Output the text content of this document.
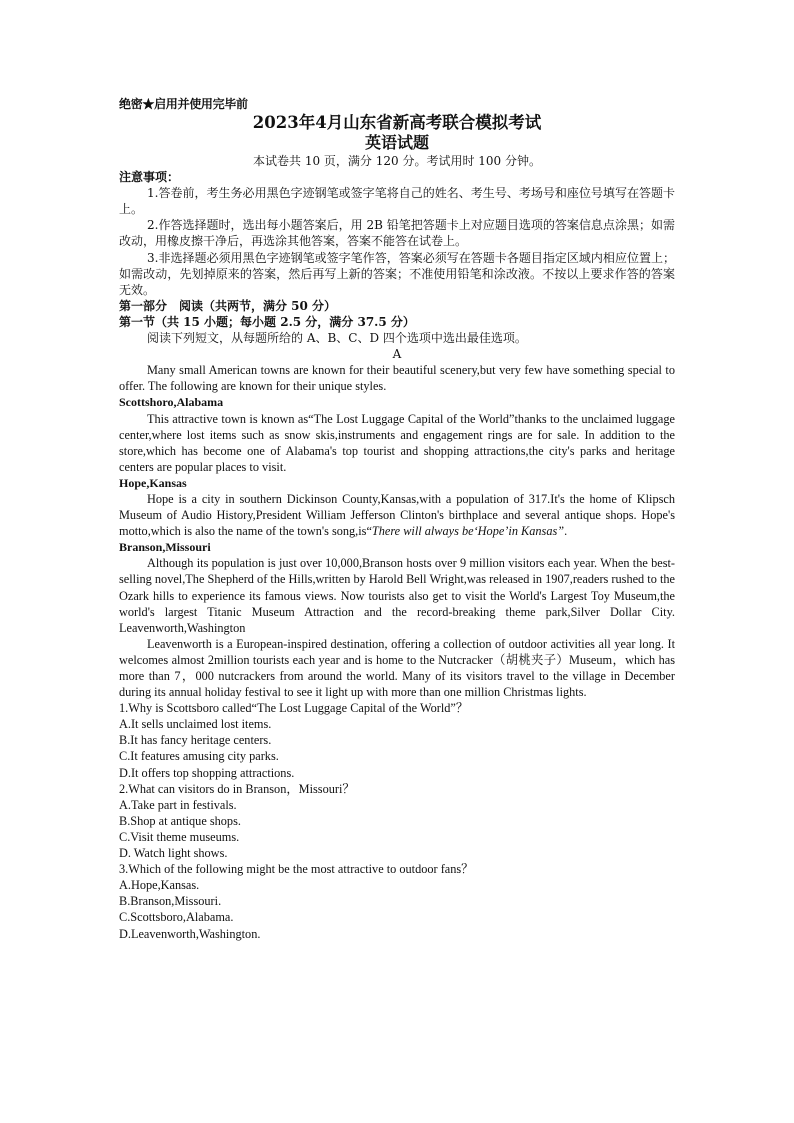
绝密★启用并使用完毕前
2023年4月山东省新高考联合模拟考试
英语试题
本试卷共 10 页，满分 120 分。考试用时 100 分钟。
注意事项：
1.答卷前，考生务必用黑色字迹钢笔或签字笔将自己的姓名、考生号、考场号和座位号填写在答题卡上。
2.作答选择题时，选出每小题答案后，用 2B 铅笔把答题卡上对应题目选项的答案信息点涂黑；如需改动，用橡皮擦干净后，再选涂其他答案，答案不能答在试卷上。
3.非选择题必须用黑色字迹钢笔或签字笔作答，答案必须写在答题卡各题目指定区域内相应位置上；如需改动，先划掉原来的答案，然后再写上新的答案；不准使用铅笔和涂改液。不按以上要求作答的答案无效。
第一部分　阅读（共两节，满分 50 分）
第一节（共 15 小题；每小题 2.5 分，满分 37.5 分）
阅读下列短文，从每题所给的 A、B、C、D 四个选项中选出最佳选项。
A
Many small American towns are known for their beautiful scenery,but very few have something special to offer. The following are known for their unique styles.
Scottshoro,Alabama
This attractive town is known as“The Lost Luggage Capital of the World”thanks to the unclaimed luggage center,where lost items such as snow skis,instruments and engagement rings are for sale. In addition to the store,which has become one of Alabama's top tourist and shopping attractions,the city's parks and heritage centers are popular places to visit.
Hope,Kansas
Hope is a city in southern Dickinson County,Kansas,with a population of 317.It's the home of Klipsch Museum of Audio History,President William Jefferson Clinton's birthplace and several antique shops. Hope's motto,which is also the name of the town's song,is“There will always be‘Hope’in Kansas”.
Branson,Missouri
Although its population is just over 10,000,Branson hosts over 9 million visitors each year. When the best-selling novel,The Shepherd of the Hills,written by Harold Bell Wright,was released in 1907,readers rushed to the Ozark hills to experience its famous views. Now tourists also get to visit the World's Largest Toy Museum,the world's largest Titanic Museum Attraction and the record-breaking theme park,Silver Dollar City. Leavenworth,Washington
Leavenworth is a European-inspired destination, offering a collection of outdoor activities all year long. It welcomes almost 2million tourists each year and is home to the Nutcracker（胡桃夹子）Museum，which has more than 7，000 nutcrackers from around the world. Many of its visitors travel to the village in December during its annual holiday festival to see it light up with more than one million Christmas lights.
1.Why is Scottsboro called“The Lost Luggage Capital of the World”？
A.It sells unclaimed lost items.
B.It has fancy heritage centers.
C.It features amusing city parks.
D.It offers top shopping attractions.
2.What can visitors do in Branson，Missouri？
A.Take part in festivals.
B.Shop at antique shops.
C.Visit theme museums.
D. Watch light shows.
3.Which of the following might be the most attractive to outdoor fans？
A.Hope,Kansas.
B.Branson,Missouri.
C.Scottsboro,Alabama.
D.Leavenworth,Washington.
